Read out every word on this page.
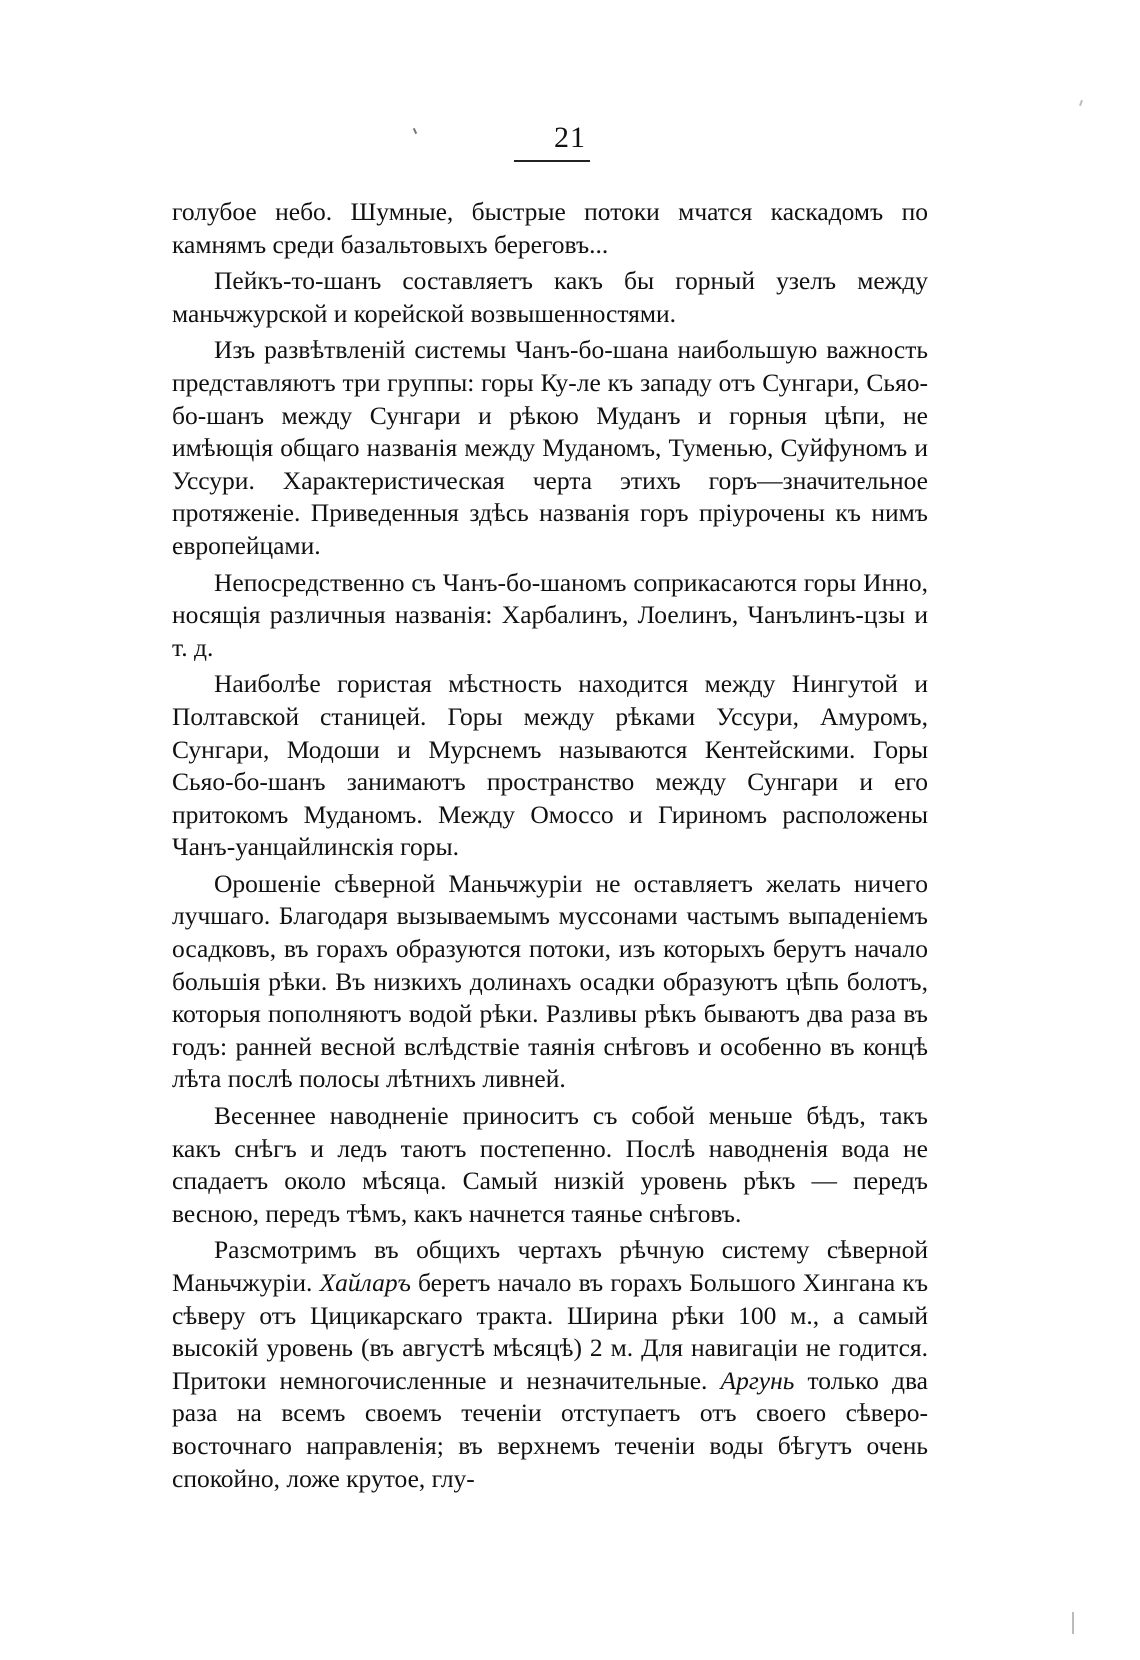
21

голубое небо. Шумные, быстрые потоки мчатся каскадомъ по камнямъ среди базальтовыхъ береговъ...

Пейкъ-то-шанъ составляетъ какъ бы горный узелъ между маньчжурской и корейской возвышенностями.

Изъ развѣтвленій системы Чанъ-бо-шана наибольшую важность представляютъ три группы: горы Ку-ле къ западу отъ Сунгари, Сьяо-бо-шанъ между Сунгари и рѣкою Муданъ и горныя цѣпи, не имѣющія общаго названія между Муданомъ, Туменью, Суйфуномъ и Уссури. Характеристическая черта этихъ горъ—значительное протяженіе. Приведенныя здѣсь названія горъ пріурочены къ нимъ европейцами.

Непосредственно съ Чанъ-бо-шаномъ соприкасаются горы Инно, носящія различныя названія: Харбалинъ, Лоелинъ, Чанълинъ-цзы и т. д.

Наиболѣе гористая мѣстность находится между Нингутой и Полтавской станицей. Горы между рѣками Уссури, Амуромъ, Сунгари, Модоши и Мурснемъ называются Кентейскими. Горы Сьяо-бо-шанъ занимаютъ пространство между Сунгари и его притокомъ Муданомъ. Между Омоссо и Гириномъ расположены Чанъ-уанцайлинскія горы.

Орошеніе сѣверной Маньчжуріи не оставляетъ желать ничего лучшаго. Благодаря вызываемымъ муссонами частымъ выпаденіемъ осадковъ, въ горахъ образуются потоки, изъ которыхъ берутъ начало большія рѣки. Въ низкихъ долинахъ осадки образуютъ цѣпь болотъ, которыя пополняютъ водой рѣки. Разливы рѣкъ бываютъ два раза въ годъ: ранней весной вслѣдствіе таянія снѣговъ и особенно въ концѣ лѣта послѣ полосы лѣтнихъ ливней.

Весеннее наводненіе приноситъ съ собой меньше бѣдъ, такъ какъ снѣгъ и ледъ таютъ постепенно. Послѣ наводненія вода не спадаетъ около мѣсяца. Самый низкій уровень рѣкъ — передъ весною, передъ тѣмъ, какъ начнется таянье снѣговъ.

Разсмотримъ въ общихъ чертахъ рѣчную систему сѣверной Маньчжуріи. Хайларъ беретъ начало въ горахъ Большого Хингана къ сѣверу отъ Цицикарскаго тракта. Ширина рѣки 100 м., а самый высокій уровень (въ августѣ мѣсяцѣ) 2 м. Для навигаціи не годится. Притоки немногочисленные и незначительные. Аргунь только два раза на всемъ своемъ теченіи отступаетъ отъ своего сѣверо-восточнаго направленія; въ верхнемъ теченіи воды бѣгутъ очень спокойно, ложе крутое, глу-
